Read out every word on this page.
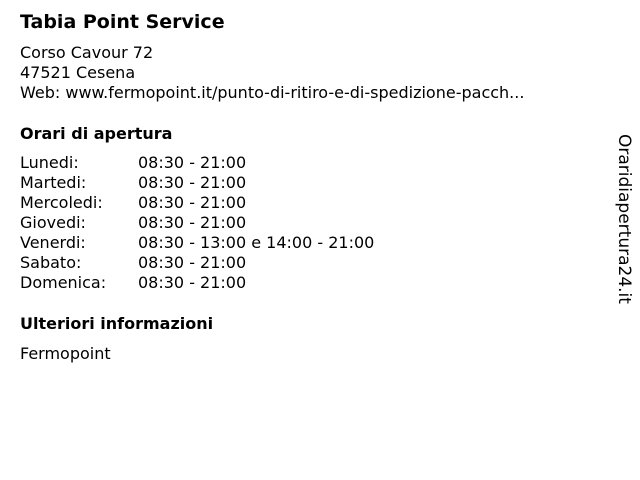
Tabia Point Service
Corso Cavour 72
47521 Cesena
Web: www.fermopoint.it/punto-di-ritiro-e-di-spedizione-pacch...
Orari di apertura
Lunedi:	08:30 - 21:00
Martedi:	08:30 - 21:00
Mercoledi: 08:30 - 21:00
Giovedi:	08:30 - 21:00
Venerdi:	08:30 - 13:00 e 14:00 - 21:00
Sabato:	08:30 - 21:00
Domenica: 08:30 - 21:00
Ulteriori informazioni
Fermopoint
Oraridiapertura24.it
